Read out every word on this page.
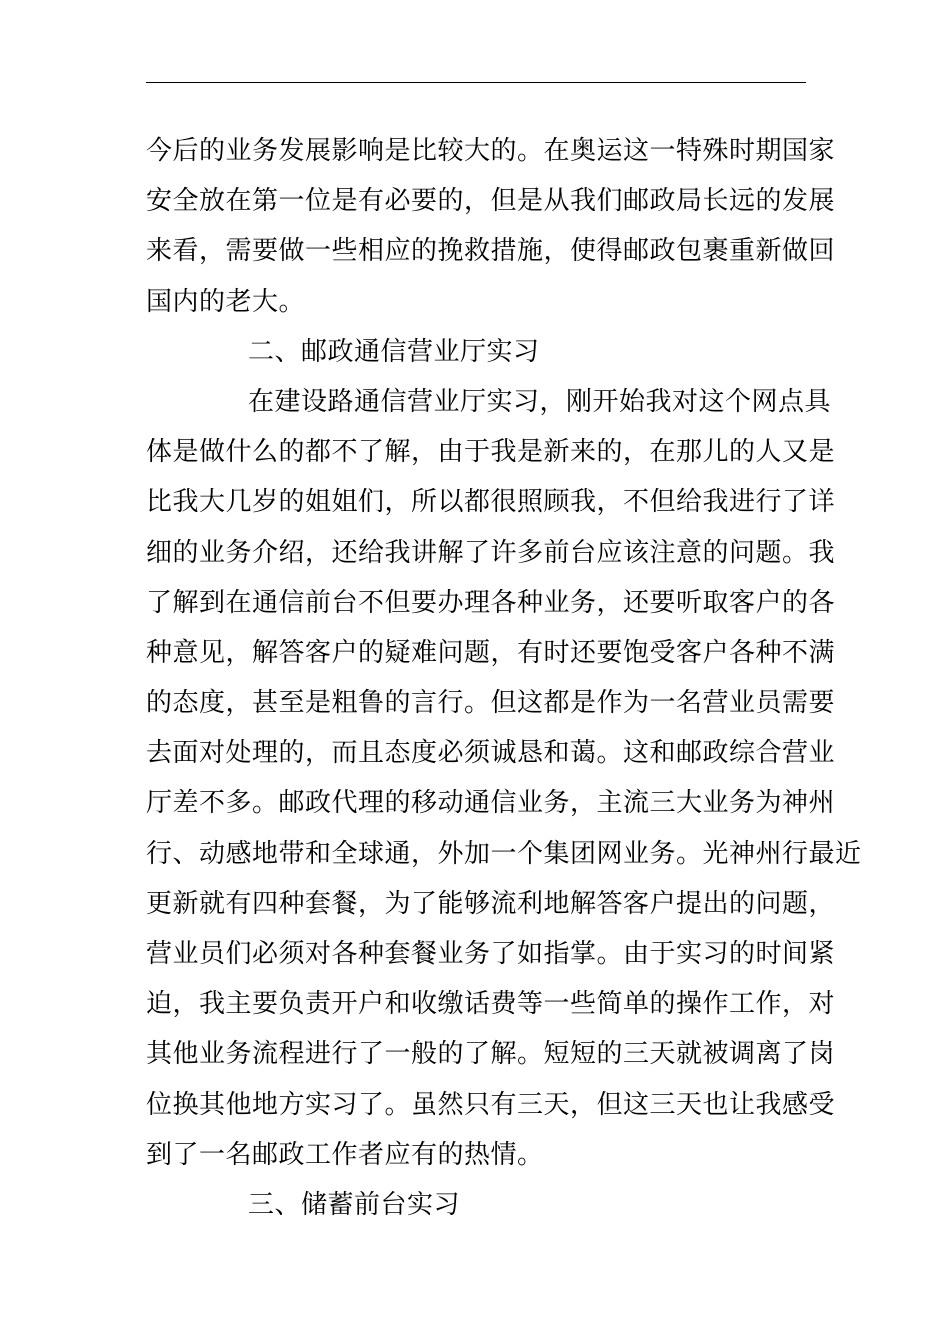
今后的业务发展影响是比较大的。在奥运这一特殊时期国家
安全放在第一位是有必要的，但是从我们邮政局长远的发展
来看，需要做一些相应的挽救措施，使得邮政包裹重新做回
国内的老大。
二、邮政通信营业厅实习
在建设路通信营业厅实习，刚开始我对这个网点具
体是做什么的都不了解，由于我是新来的，在那儿的人又是
比我大几岁的姐姐们，所以都很照顾我，不但给我进行了详
细的业务介绍，还给我讲解了许多前台应该注意的问题。我
了解到在通信前台不但要办理各种业务，还要听取客户的各
种意见，解答客户的疑难问题，有时还要饱受客户各种不满
的态度，甚至是粗鲁的言行。但这都是作为一名营业员需要
去面对处理的，而且态度必须诚恳和蔼。这和邮政综合营业
厅差不多。邮政代理的移动通信业务，主流三大业务为神州
行、动感地带和全球通，外加一个集团网业务。光神州行最近
更新就有四种套餐，为了能够流利地解答客户提出的问题，
营业员们必须对各种套餐业务了如指掌。由于实习的时间紧
迫，我主要负责开户和收缴话费等一些简单的操作工作，对
其他业务流程进行了一般的了解。短短的三天就被调离了岗
位换其他地方实习了。虽然只有三天，但这三天也让我感受
到了一名邮政工作者应有的热情。
三、储蓄前台实习
